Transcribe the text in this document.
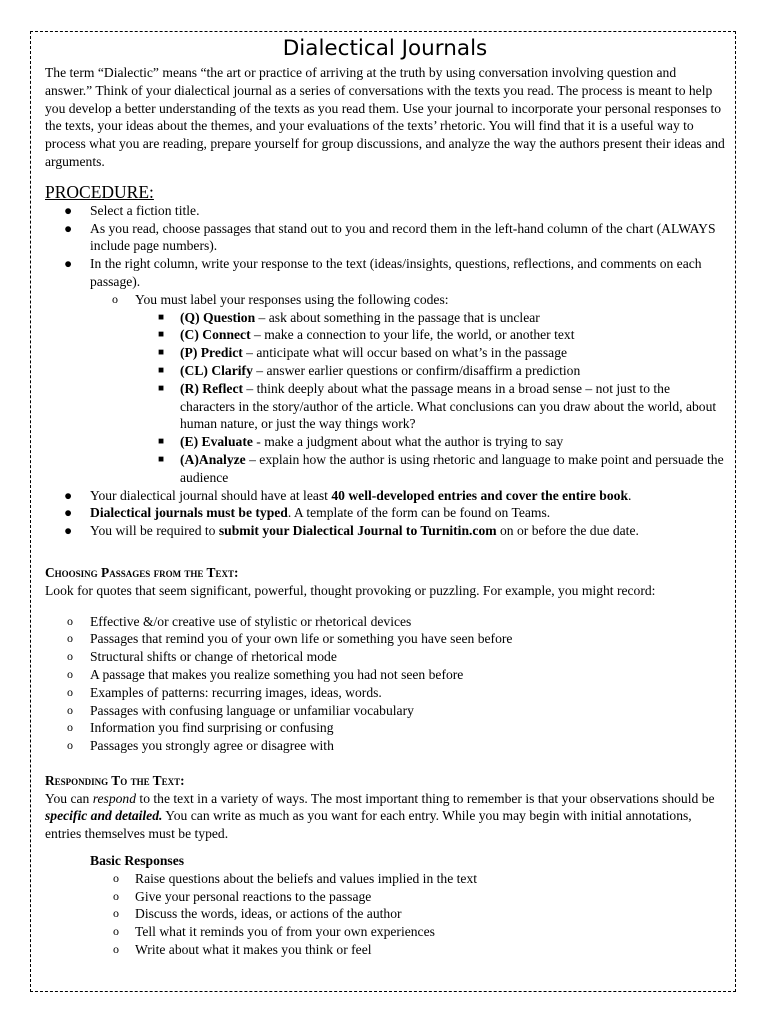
Dialectical Journals

The term “Dialectic” means “the art or practice of arriving at the truth by using conversation involving question and answer.” Think of your dialectical journal as a series of conversations with the texts you read. The process is meant to help you develop a better understanding of the texts as you read them. Use your journal to incorporate your personal responses to the texts, your ideas about the themes, and your evaluations of the texts’ rhetoric. You will find that it is a useful way to process what you are reading, prepare yourself for group discussions, and analyze the way the authors present their ideas and arguments.

PROCEDURE:
● Select a fiction title.
● As you read, choose passages that stand out to you and record them in the left-hand column of the chart (ALWAYS include page numbers).
● In the right column, write your response to the text (ideas/insights, questions, reflections, and comments on each passage).
o You must label your responses using the following codes:
■ (Q) Question – ask about something in the passage that is unclear
■ (C) Connect – make a connection to your life, the world, or another text
■ (P) Predict – anticipate what will occur based on what’s in the passage
■ (CL) Clarify – answer earlier questions or confirm/disaffirm a prediction
■ (R) Reflect – think deeply about what the passage means in a broad sense – not just to the characters in the story/author of the article. What conclusions can you draw about the world, about human nature, or just the way things work?
■ (E) Evaluate - make a judgment about what the author is trying to say
■ (A)Analyze – explain how the author is using rhetoric and language to make point and persuade the audience
● Your dialectical journal should have at least 40 well-developed entries and cover the entire book.
● Dialectical journals must be typed. A template of the form can be found on Teams.
● You will be required to submit your Dialectical Journal to Turnitin.com on or before the due date.
Choosing Passages from the Text:

Look for quotes that seem significant, powerful, thought provoking or puzzling. For example, you might record:

o Effective &/or creative use of stylistic or rhetorical devices
o Passages that remind you of your own life or something you have seen before
o Structural shifts or change of rhetorical mode
o A passage that makes you realize something you had not seen before
o Examples of patterns: recurring images, ideas, words.
o Passages with confusing language or unfamiliar vocabulary
o Information you find surprising or confusing
o Passages you strongly agree or disagree with
Responding To the Text:

You can respond to the text in a variety of ways. The most important thing to remember is that your observations should be specific and detailed. You can write as much as you want for each entry. While you may begin with initial annotations, entries themselves must be typed.

Basic Responses
o Raise questions about the beliefs and values implied in the text
o Give your personal reactions to the passage
o Discuss the words, ideas, or actions of the author
o Tell what it reminds you of from your own experiences
o Write about what it makes you think or feel
